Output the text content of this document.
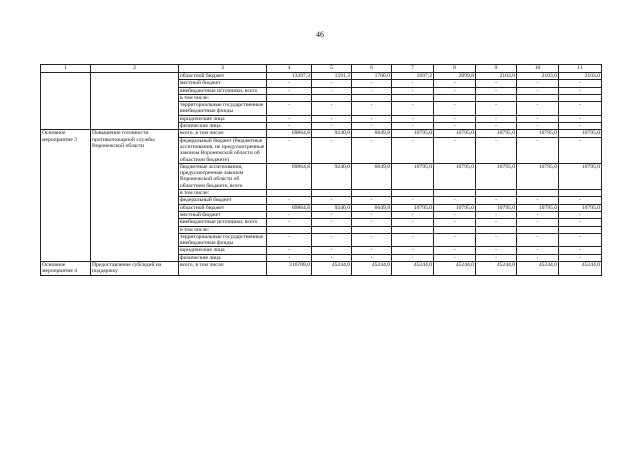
46
1	2	3	4	5	6	7	8	9	10	11
		областной бюджет	13397,3	1591,3	1700,0	1697,2	2099,8	2103,0	2103,0	2103,0
		местный бюджет	-	-	-	-	-	-	-	-
		внебюджетные источники, всего	-	-	-	-	-	-	-	-
		в том числе:								
		территориальные государственные внебюджетные фонды	-	-	-	-	-	-	-	-
		юридические лица	-	-	-	-	-	-	-	-
		физические лица	-	-	-	-	-	-	-	-
Основное мероприятие 3	Повышение готовности противопожарной службы Воронежской области	всего, в том числе:	69864,8	9240,0	6649,8	10795,0	10795,0	10795,0	10795,0	10795,0
		федеральный бюджет (бюджетные ассигнования, не предусмотренные законом Воронежской области об областном бюджете)	-	-	-	-	-	-	-	-
		бюджетные ассигнования, предусмотренные законом Воронежской области об областном бюджете, всего	69864,8	9240,0	6649,8	10795,0	10795,0	10795,0	10795,0	10795,0
		в том числе:								
		федеральный бюджет	-	-	-	-	-	-	-	-
		областной бюджет	69864,8	9240,0	6649,8	10795,0	10795,0	10795,0	10795,0	10795,0
		местный бюджет	-	-	-	-	-	-	-	-
		внебюджетные источники, всего	-	-	-	-	-	-	-	-
		в том числе:								
		территориальные государственные внебюджетные фонды	-	-	-	-	-	-	-	-
		юридические лица	-	-	-	-	-	-	-	-
		физические лица	-	-	-	-	-	-	-	-
Основное мероприятие 4	Предоставление субсидий на поддержку	всего, в том числе:	316708,0	45244,0	45244,0	45244,0	45244,0	45244,0	45244,0	45244,0
